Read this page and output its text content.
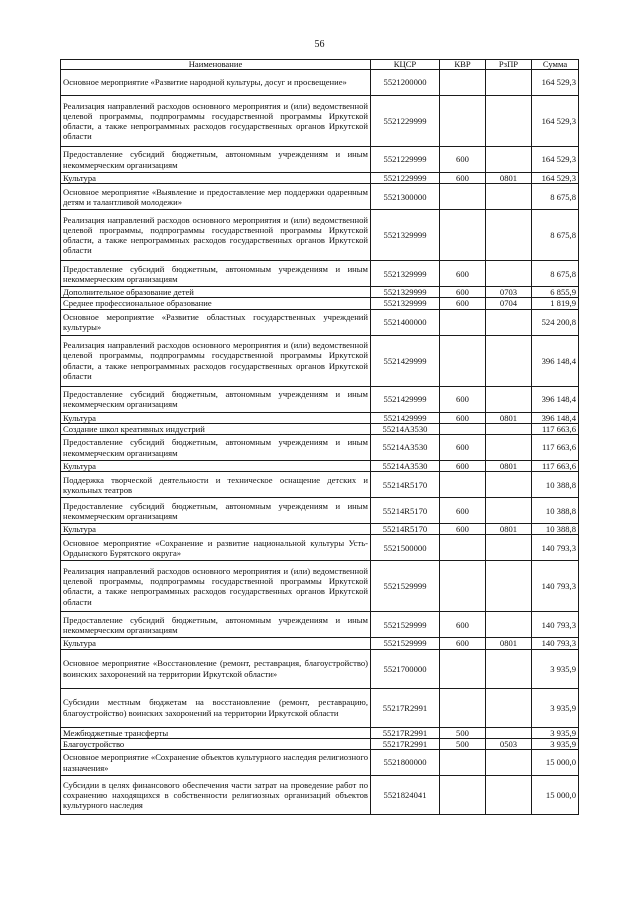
56
Наименование	КЦСР	КВР	РзПР	Сумма
Основное мероприятие «Развитие народной культуры, досуг и просвещение»	5521200000			164 529,3
Реализация направлений расходов основного мероприятия и (или) ведомственной целевой программы, подпрограммы государственной программы Иркутской области, а также непрограммных расходов государственных органов Иркутской области	5521229999			164 529,3
Предоставление субсидий бюджетным, автономным учреждениям и иным некоммерческим организациям	5521229999	600		164 529,3
Культура	5521229999	600	0801	164 529,3
Основное мероприятие «Выявление и предоставление мер поддержки одаренным детям и талантливой молодежи»	5521300000			8 675,8
Реализация направлений расходов основного мероприятия и (или) ведомственной целевой программы, подпрограммы государственной программы Иркутской области, а также непрограммных расходов государственных органов Иркутской области	5521329999			8 675,8
Предоставление субсидий бюджетным, автономным учреждениям и иным некоммерческим организациям	5521329999	600		8 675,8
Дополнительное образование детей	5521329999	600	0703	6 855,9
Среднее профессиональное образование	5521329999	600	0704	1 819,9
Основное мероприятие «Развитие областных государственных учреждений культуры»	5521400000			524 200,8
Реализация направлений расходов основного мероприятия и (или) ведомственной целевой программы, подпрограммы государственной программы Иркутской области, а также непрограммных расходов государственных органов Иркутской области	5521429999			396 148,4
Предоставление субсидий бюджетным, автономным учреждениям и иным некоммерческим организациям	5521429999	600		396 148,4
Культура	5521429999	600	0801	396 148,4
Создание школ креативных индустрий	55214А3530			117 663,6
Предоставление субсидий бюджетным, автономным учреждениям и иным некоммерческим организациям	55214А3530	600		117 663,6
Культура	55214А3530	600	0801	117 663,6
Поддержка творческой деятельности и техническое оснащение детских и кукольных театров	55214R5170			10 388,8
Предоставление субсидий бюджетным, автономным учреждениям и иным некоммерческим организациям	55214R5170	600		10 388,8
Культура	55214R5170	600	0801	10 388,8
Основное мероприятие «Сохранение и развитие национальной культуры Усть-Ордынского Бурятского округа»	5521500000			140 793,3
Реализация направлений расходов основного мероприятия и (или) ведомственной целевой программы, подпрограммы государственной программы Иркутской области, а также непрограммных расходов государственных органов Иркутской области	5521529999			140 793,3
Предоставление субсидий бюджетным, автономным учреждениям и иным некоммерческим организациям	5521529999	600		140 793,3
Культура	5521529999	600	0801	140 793,3
Основное мероприятие «Восстановление (ремонт, реставрация, благоустройство) воинских захоронений на территории Иркутской области»	5521700000			3 935,9
Субсидии местным бюджетам на восстановление (ремонт, реставрацию, благоустройство) воинских захоронений на территории Иркутской области	55217R2991			3 935,9
Межбюджетные трансферты	55217R2991	500		3 935,9
Благоустройство	55217R2991	500	0503	3 935,9
Основное мероприятие «Сохранение объектов культурного наследия религиозного назначения»	5521800000			15 000,0
Субсидии в целях финансового обеспечения части затрат на проведение работ по сохранению находящихся в собственности религиозных организаций объектов культурного наследия	5521824041			15 000,0
